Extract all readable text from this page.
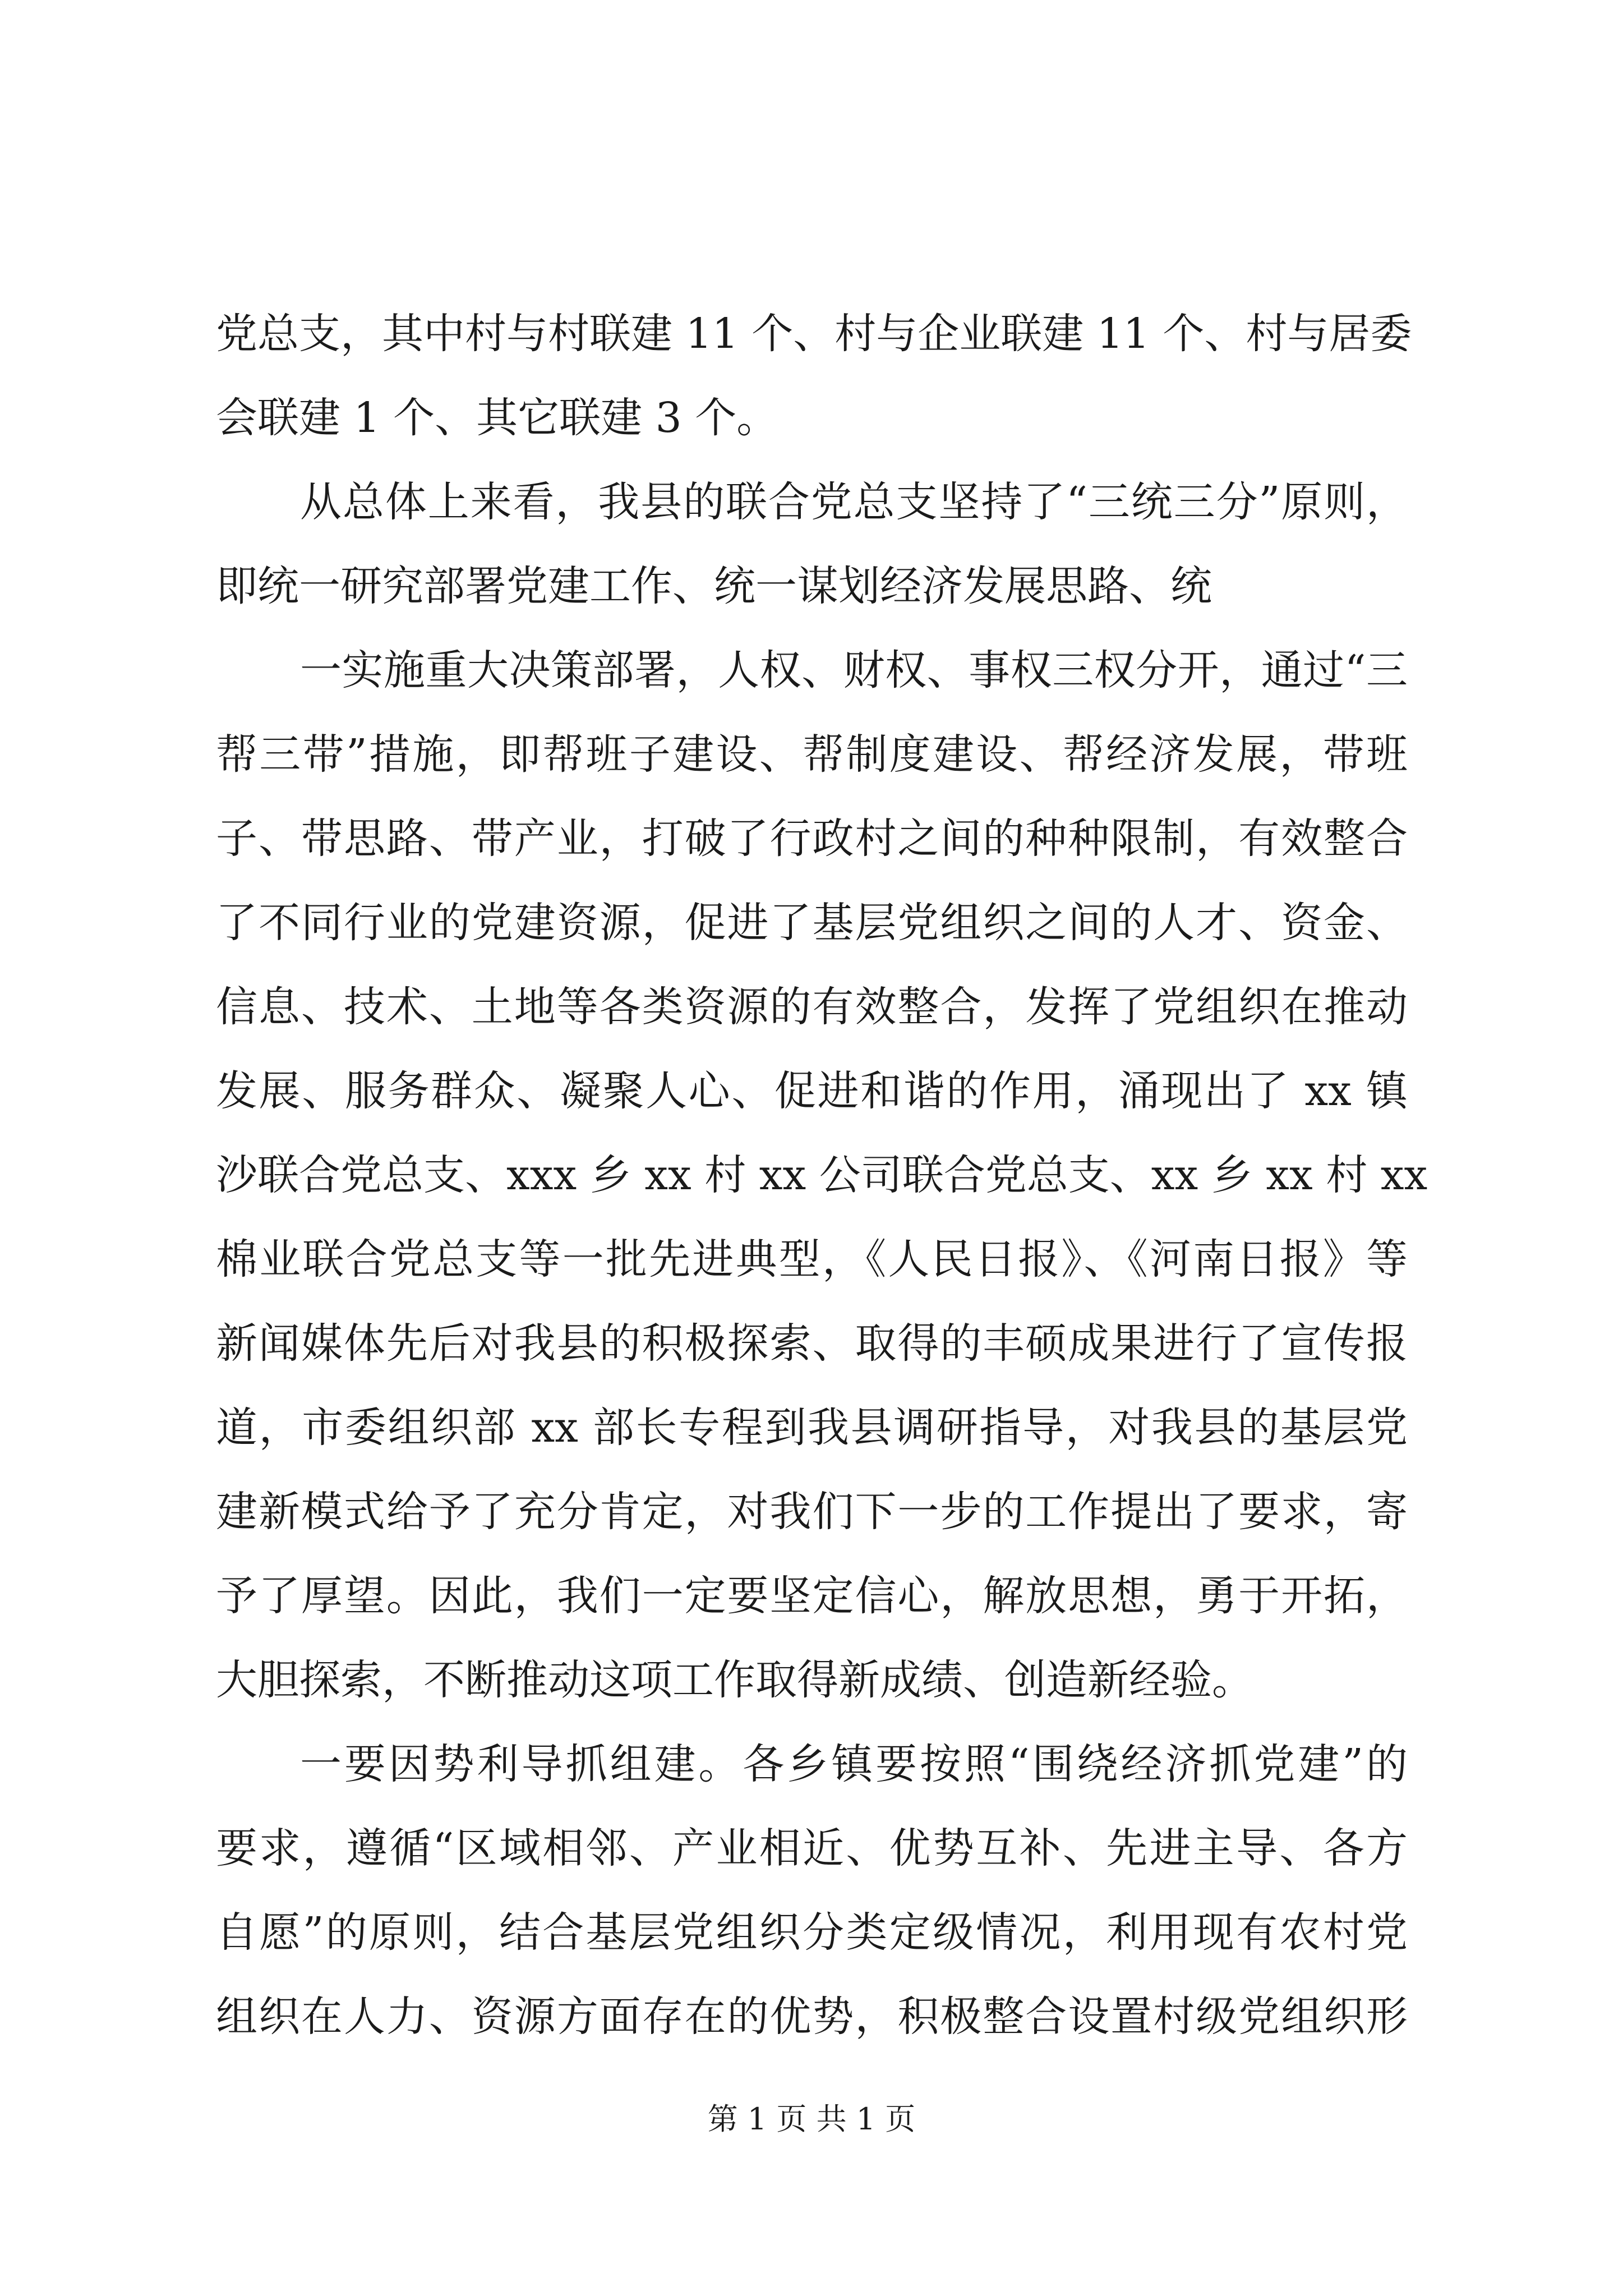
党总支，其中村与村联建 11 个、村与企业联建 11 个、村与居委
会联建 1 个、其它联建 3 个。
从总体上来看，我县的联合党总支坚持了“三统三分”原则，
即统一研究部署党建工作、统一谋划经济发展思路、统
一实施重大决策部署，人权、财权、事权三权分开，通过“三
帮三带”措施，即帮班子建设、帮制度建设、帮经济发展，带班
子、带思路、带产业，打破了行政村之间的种种限制，有效整合
了不同行业的党建资源，促进了基层党组织之间的人才、资金、
信息、技术、土地等各类资源的有效整合，发挥了党组织在推动
发展、服务群众、凝聚人心、促进和谐的作用，涌现出了 xx 镇
沙联合党总支、xxx 乡 xx 村 xx 公司联合党总支、xx 乡 xx 村 xx
棉业联合党总支等一批先进典型，《人民日报》、《河南日报》等
新闻媒体先后对我县的积极探索、取得的丰硕成果进行了宣传报
道，市委组织部 xx 部长专程到我县调研指导，对我县的基层党
建新模式给予了充分肯定，对我们下一步的工作提出了要求，寄
予了厚望。因此，我们一定要坚定信心，解放思想，勇于开拓，
大胆探索，不断推动这项工作取得新成绩、创造新经验。
一要因势利导抓组建。各乡镇要按照“围绕经济抓党建”的
要求，遵循“区域相邻、产业相近、优势互补、先进主导、各方
自愿”的原则，结合基层党组织分类定级情况，利用现有农村党
组织在人力、资源方面存在的优势，积极整合设置村级党组织形
第 1 页 共 1 页
